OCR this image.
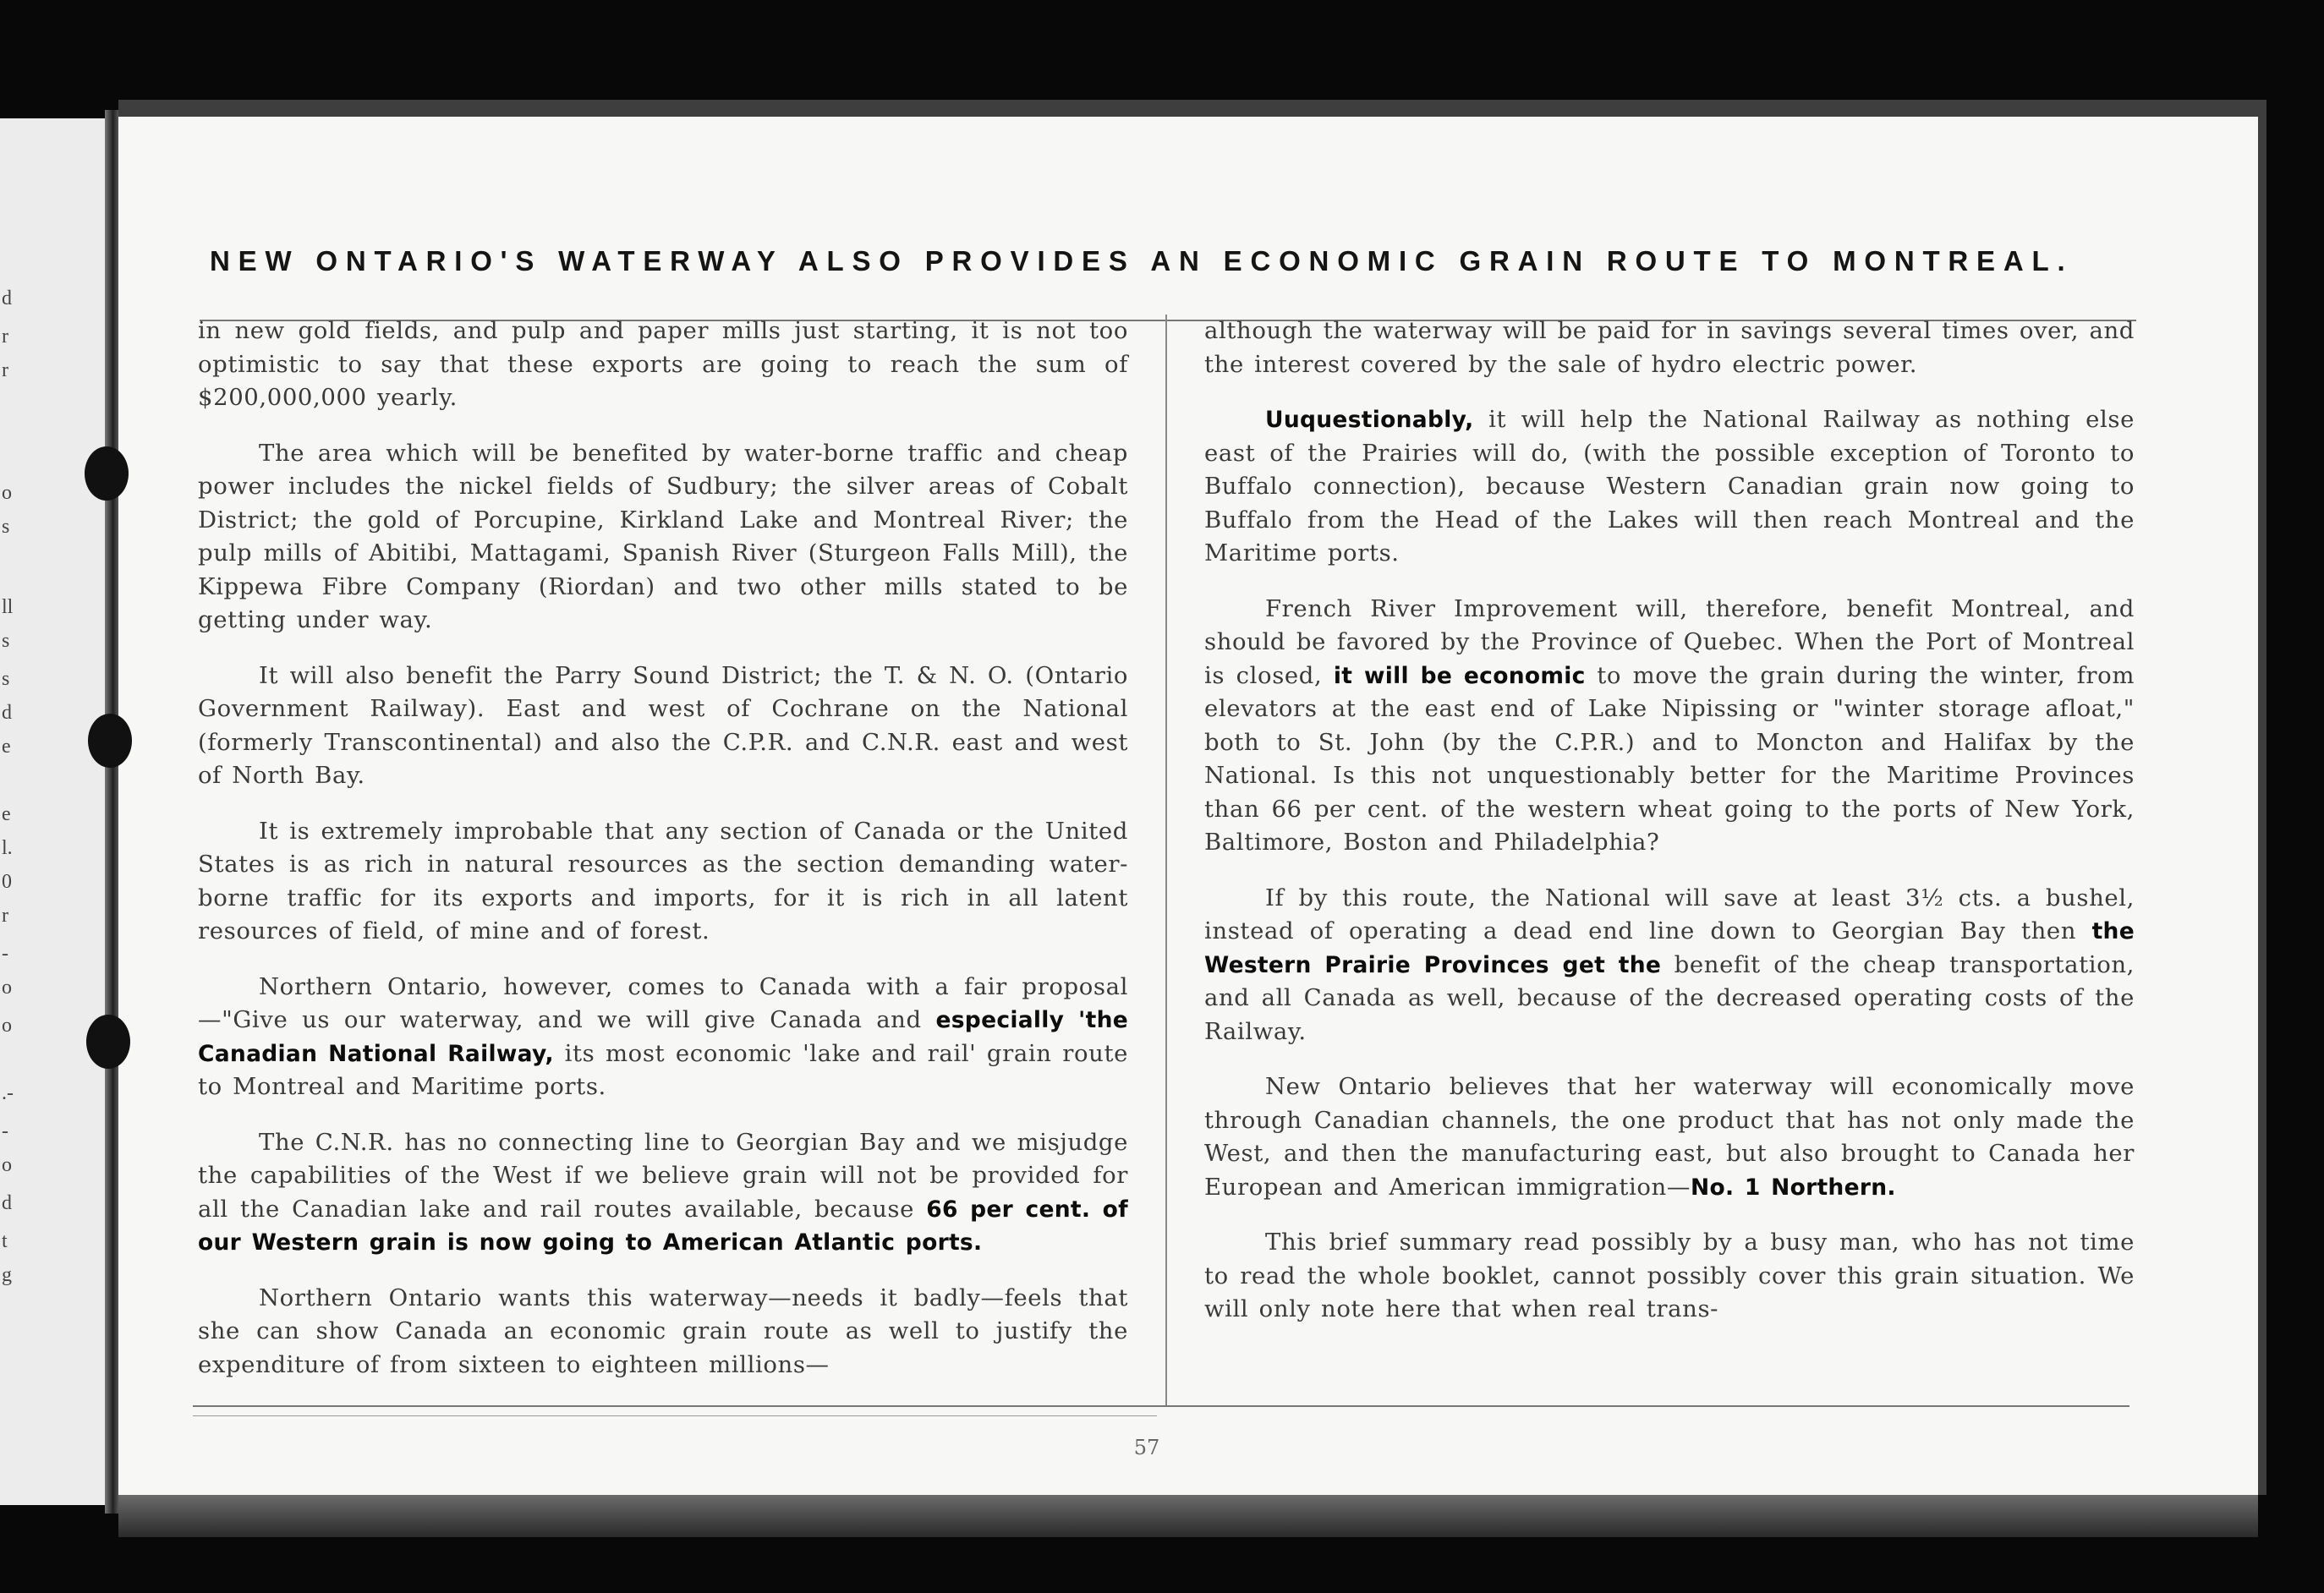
d
r
r
o
s
ll
s
s
d
e
e
l.
0
r
-
o
o
.-
-
o
d
t
g
NEW ONTARIO'S WATERWAY ALSO PROVIDES AN ECONOMIC GRAIN ROUTE TO MONTREAL.

in new gold fields, and pulp and paper mills just starting, it is not too optimistic to say that these exports are going to reach the sum of $200,000,000 yearly.

The area which will be benefited by water-borne traffic and cheap power includes the nickel fields of Sudbury; the silver areas of Cobalt District; the gold of Porcupine, Kirkland Lake and Montreal River; the pulp mills of Abitibi, Mattagami, Spanish River (Sturgeon Falls Mill), the Kippewa Fibre Company (Riordan) and two other mills stated to be getting under way.

It will also benefit the Parry Sound District; the T. & N. O. (Ontario Government Railway). East and west of Cochrane on the National (formerly Transcontinental) and also the C.P.R. and C.N.R. east and west of North Bay.

It is extremely improbable that any section of Canada or the United States is as rich in natural resources as the section demanding water-borne traffic for its exports and imports, for it is rich in all latent resources of field, of mine and of forest.

Northern Ontario, however, comes to Canada with a fair proposal—"Give us our waterway, and we will give Canada and especially 'the Canadian National Railway, its most economic 'lake and rail' grain route to Montreal and Maritime ports.

The C.N.R. has no connecting line to Georgian Bay and we misjudge the capabilities of the West if we believe grain will not be provided for all the Canadian lake and rail routes available, because 66 per cent. of our Western grain is now going to American Atlantic ports.

Northern Ontario wants this waterway—needs it badly—feels that she can show Canada an economic grain route as well to justify the expenditure of from sixteen to eighteen millions—

although the waterway will be paid for in savings several times over, and the interest covered by the sale of hydro electric power.

Uuquestionably, it will help the National Railway as nothing else east of the Prairies will do, (with the possible exception of Toronto to Buffalo connection), because Western Canadian grain now going to Buffalo from the Head of the Lakes will then reach Montreal and the Maritime ports.

French River Improvement will, therefore, benefit Montreal, and should be favored by the Province of Quebec. When the Port of Montreal is closed, it will be economic to move the grain during the winter, from elevators at the east end of Lake Nipissing or "winter storage afloat," both to St. John (by the C.P.R.) and to Moncton and Halifax by the National. Is this not unquestionably better for the Maritime Provinces than 66 per cent. of the western wheat going to the ports of New York, Baltimore, Boston and Philadelphia?

If by this route, the National will save at least 3½ cts. a bushel, instead of operating a dead end line down to Georgian Bay then the Western Prairie Provinces get the benefit of the cheap transportation, and all Canada as well, because of the decreased operating costs of the Railway.

New Ontario believes that her waterway will economically move through Canadian channels, the one product that has not only made the West, and then the manufacturing east, but also brought to Canada her European and American immigration—No. 1 Northern.

This brief summary read possibly by a busy man, who has not time to read the whole booklet, cannot possibly cover this grain situation. We will only note here that when real trans-

57
